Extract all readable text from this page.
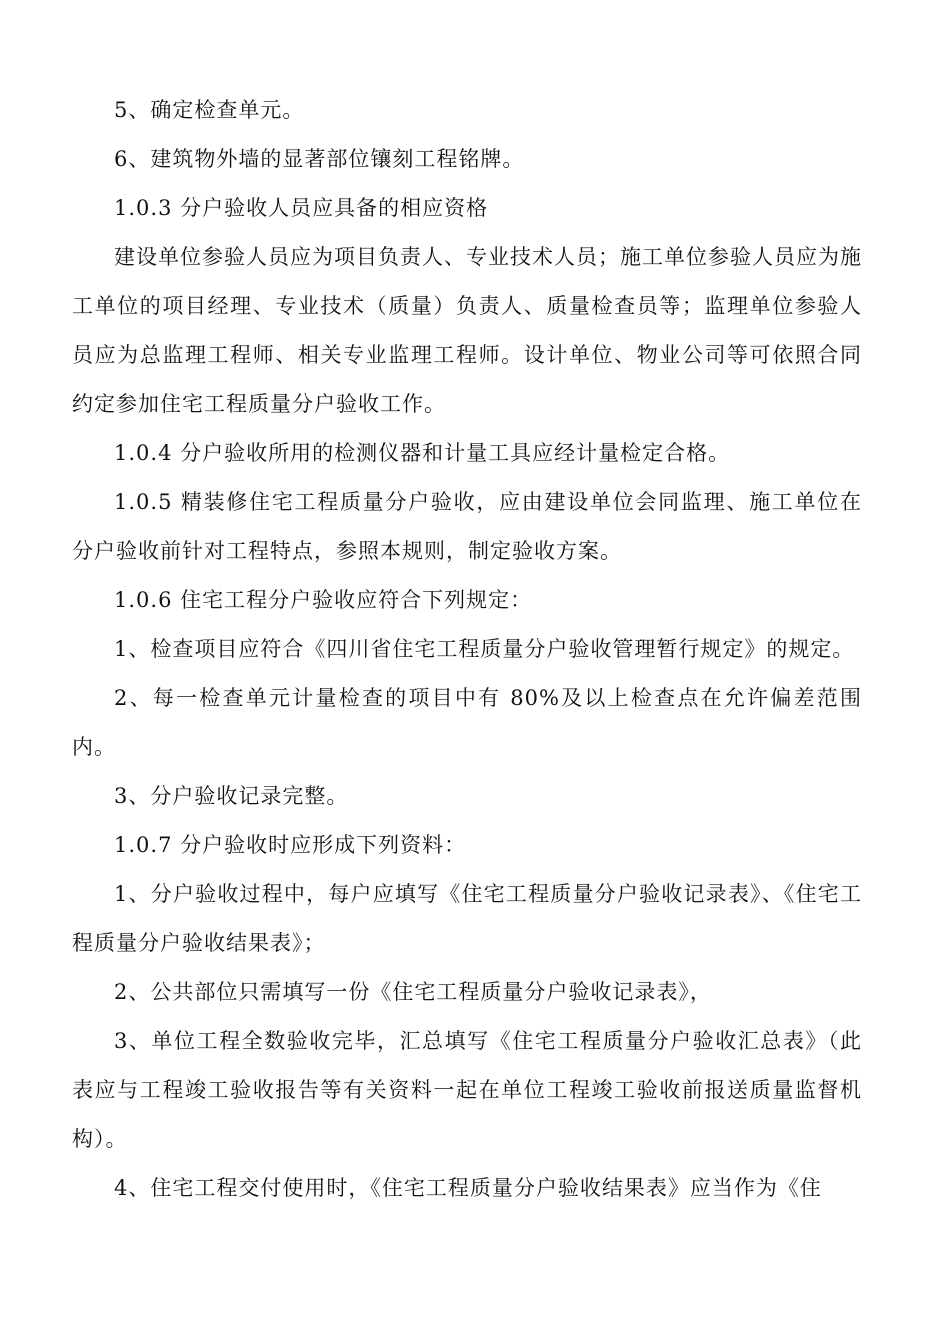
5、确定检查单元。

6、建筑物外墙的显著部位镶刻工程铭牌。

1.0.3 分户验收人员应具备的相应资格

建设单位参验人员应为项目负责人、专业技术人员；施工单位参验人员应为施工单位的项目经理、专业技术（质量）负责人、质量检查员等；监理单位参验人员应为总监理工程师、相关专业监理工程师。设计单位、物业公司等可依照合同约定参加住宅工程质量分户验收工作。

1.0.4 分户验收所用的检测仪器和计量工具应经计量检定合格。

1.0.5 精装修住宅工程质量分户验收，应由建设单位会同监理、施工单位在分户验收前针对工程特点，参照本规则，制定验收方案。

1.0.6 住宅工程分户验收应符合下列规定：

1、检查项目应符合《四川省住宅工程质量分户验收管理暂行规定》的规定。

2、每一检查单元计量检查的项目中有 80%及以上检查点在允许偏差范围内。

3、分户验收记录完整。

1.0.7 分户验收时应形成下列资料：

1、分户验收过程中，每户应填写《住宅工程质量分户验收记录表》、《住宅工程质量分户验收结果表》；

2、公共部位只需填写一份《住宅工程质量分户验收记录表》，

3、单位工程全数验收完毕，汇总填写《住宅工程质量分户验收汇总表》（此表应与工程竣工验收报告等有关资料一起在单位工程竣工验收前报送质量监督机构）。

4、住宅工程交付使用时，《住宅工程质量分户验收结果表》应当作为《住
